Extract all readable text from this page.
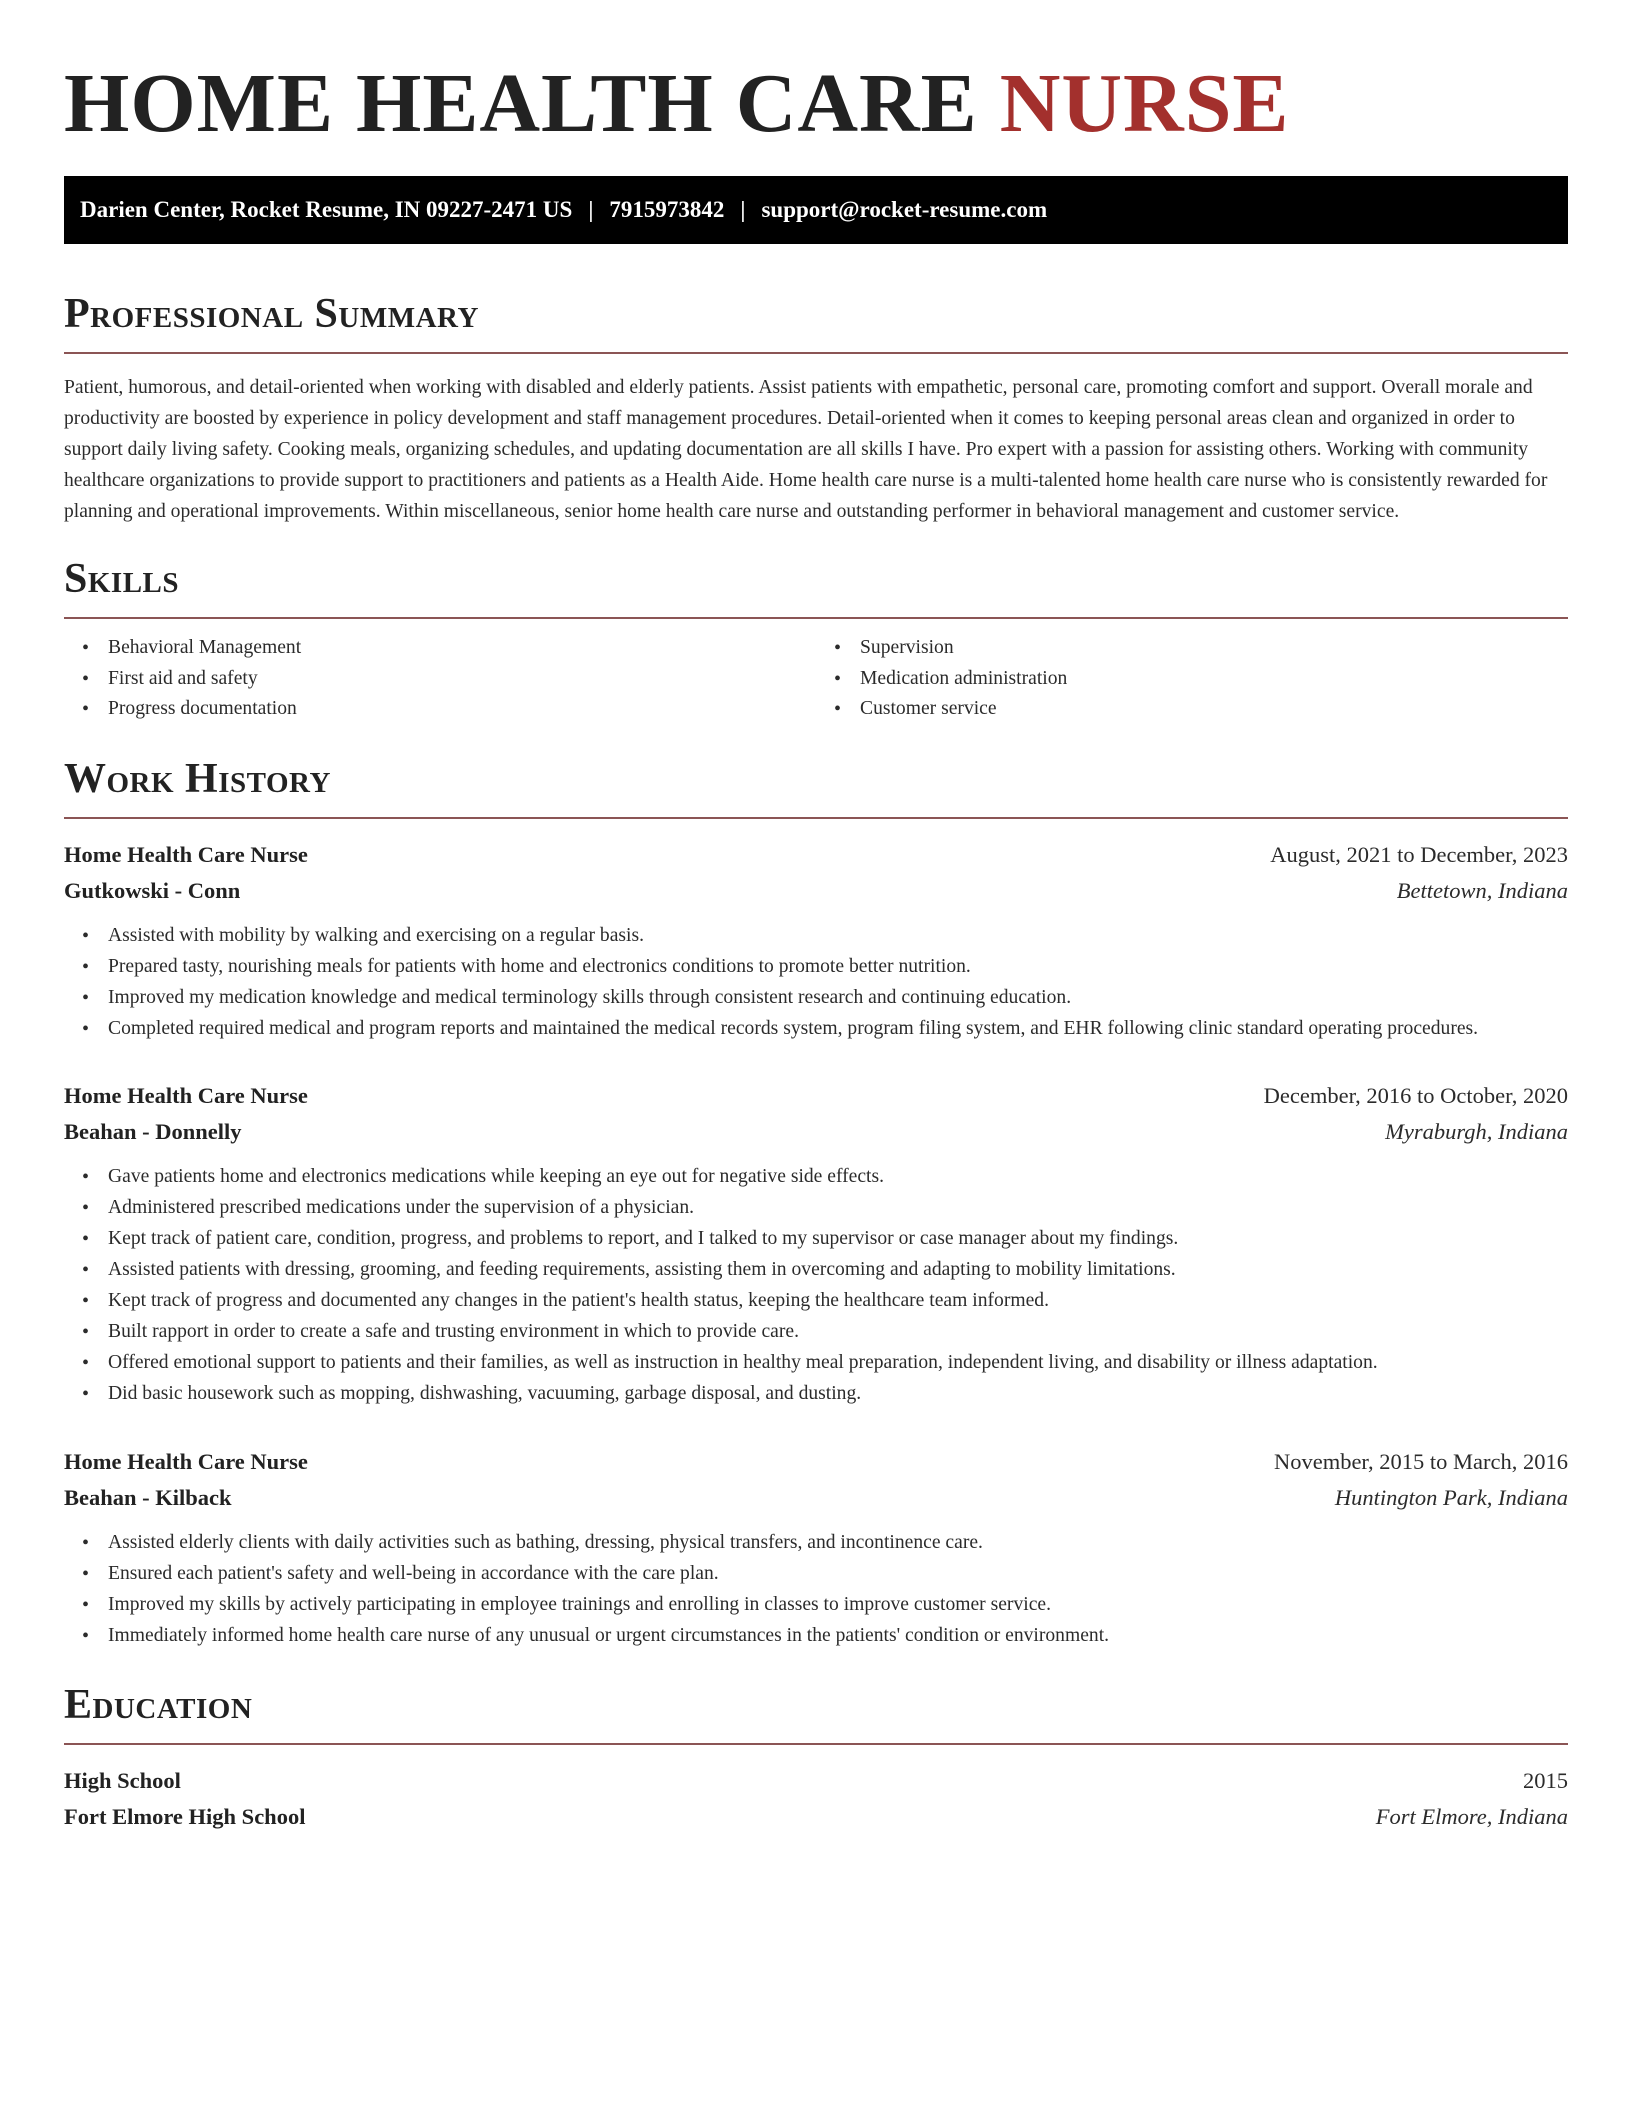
HOME HEALTH CARE NURSE
Darien Center, Rocket Resume, IN 09227-2471 US | 7915973842 | support@rocket-resume.com
Professional Summary

Patient, humorous, and detail-oriented when working with disabled and elderly patients. Assist patients with empathetic, personal care, promoting comfort and support. Overall morale and productivity are boosted by experience in policy development and staff management procedures. Detail-oriented when it comes to keeping personal areas clean and organized in order to support daily living safety. Cooking meals, organizing schedules, and updating documentation are all skills I have. Pro expert with a passion for assisting others. Working with community healthcare organizations to provide support to practitioners and patients as a Health Aide. Home health care nurse is a multi-talented home health care nurse who is consistently rewarded for planning and operational improvements. Within miscellaneous, senior home health care nurse and outstanding performer in behavioral management and customer service.

Skills
• Behavioral Management
• First aid and safety
• Progress documentation
• Supervision
• Medication administration
• Customer service
Work History
Home Health Care Nurse	August, 2021 to December, 2023
Gutkowski - Conn	Bettetown, Indiana
• Assisted with mobility by walking and exercising on a regular basis.
• Prepared tasty, nourishing meals for patients with home and electronics conditions to promote better nutrition.
• Improved my medication knowledge and medical terminology skills through consistent research and continuing education.
• Completed required medical and program reports and maintained the medical records system, program filing system, and EHR following clinic standard operating procedures.
Home Health Care Nurse	December, 2016 to October, 2020
Beahan - Donnelly	Myraburgh, Indiana
• Gave patients home and electronics medications while keeping an eye out for negative side effects.
• Administered prescribed medications under the supervision of a physician.
• Kept track of patient care, condition, progress, and problems to report, and I talked to my supervisor or case manager about my findings.
• Assisted patients with dressing, grooming, and feeding requirements, assisting them in overcoming and adapting to mobility limitations.
• Kept track of progress and documented any changes in the patient's health status, keeping the healthcare team informed.
• Built rapport in order to create a safe and trusting environment in which to provide care.
• Offered emotional support to patients and their families, as well as instruction in healthy meal preparation, independent living, and disability or illness adaptation.
• Did basic housework such as mopping, dishwashing, vacuuming, garbage disposal, and dusting.
Home Health Care Nurse	November, 2015 to March, 2016
Beahan - Kilback	Huntington Park, Indiana
• Assisted elderly clients with daily activities such as bathing, dressing, physical transfers, and incontinence care.
• Ensured each patient's safety and well-being in accordance with the care plan.
• Improved my skills by actively participating in employee trainings and enrolling in classes to improve customer service.
• Immediately informed home health care nurse of any unusual or urgent circumstances in the patients' condition or environment.
Education
High School	2015
Fort Elmore High School	Fort Elmore, Indiana
